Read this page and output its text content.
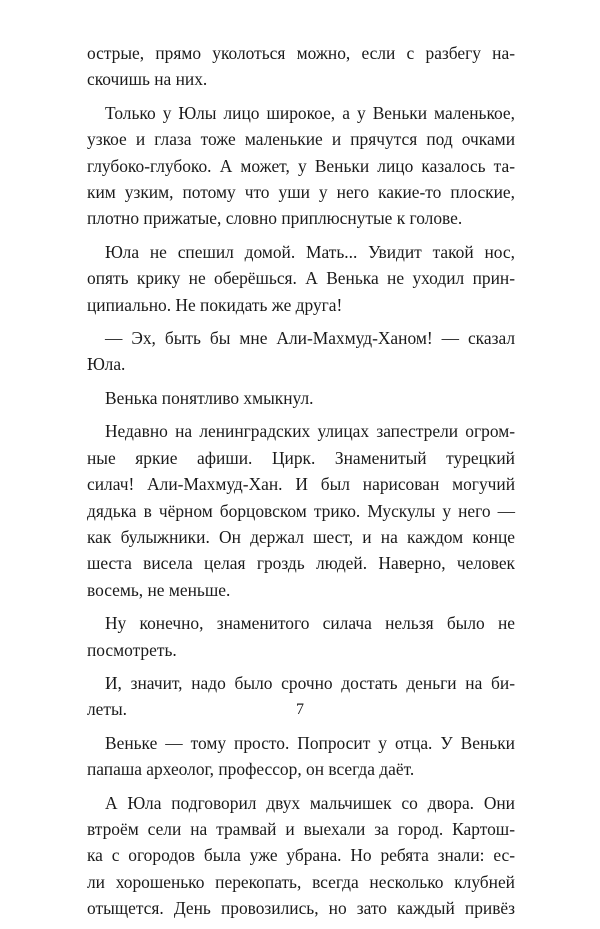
острые, прямо уколоться можно, если с разбегу на-
скочишь на них.

Только у Юлы лицо широкое, а у Веньки маленькое,
узкое и глаза тоже маленькие и прячутся под очками
глубоко-глубоко. А может, у Веньки лицо казалось та-
ким узким, потому что уши у него какие-то плоские,
плотно прижатые, словно приплюснутые к голове.

Юла не спешил домой. Мать... Увидит такой нос,
опять крику не оберёшься. А Венька не уходил прин-
ципиально. Не покидать же друга!

— Эх, быть бы мне Али-Махмуд-Ханом! — сказал
Юла.

Венька понятливо хмыкнул.

Недавно на ленинградских улицах запестрели огром-
ные яркие афиши. Цирк. Знаменитый турецкий
силач! Али-Махмуд-Хан. И был нарисован могучий
дядька в чёрном борцовском трико. Мускулы у него —
как булыжники. Он держал шест, и на каждом конце
шеста висела целая гроздь людей. Наверно, человек
восемь, не меньше.

Ну конечно, знаменитого силача нельзя было не
посмотреть.

И, значит, надо было срочно достать деньги на би-
леты.

Веньке — тому просто. Попросит у отца. У Веньки
папаша археолог, профессор, он всегда даёт.

А Юла подговорил двух мальчишек со двора. Они
втроём сели на трамвай и выехали за город. Картош-
ка с огородов была уже убрана. Но ребята знали: ес-
ли хорошенько перекопать, всегда несколько клубней
отыщется. День провозились, но зато каждый привёз

7
